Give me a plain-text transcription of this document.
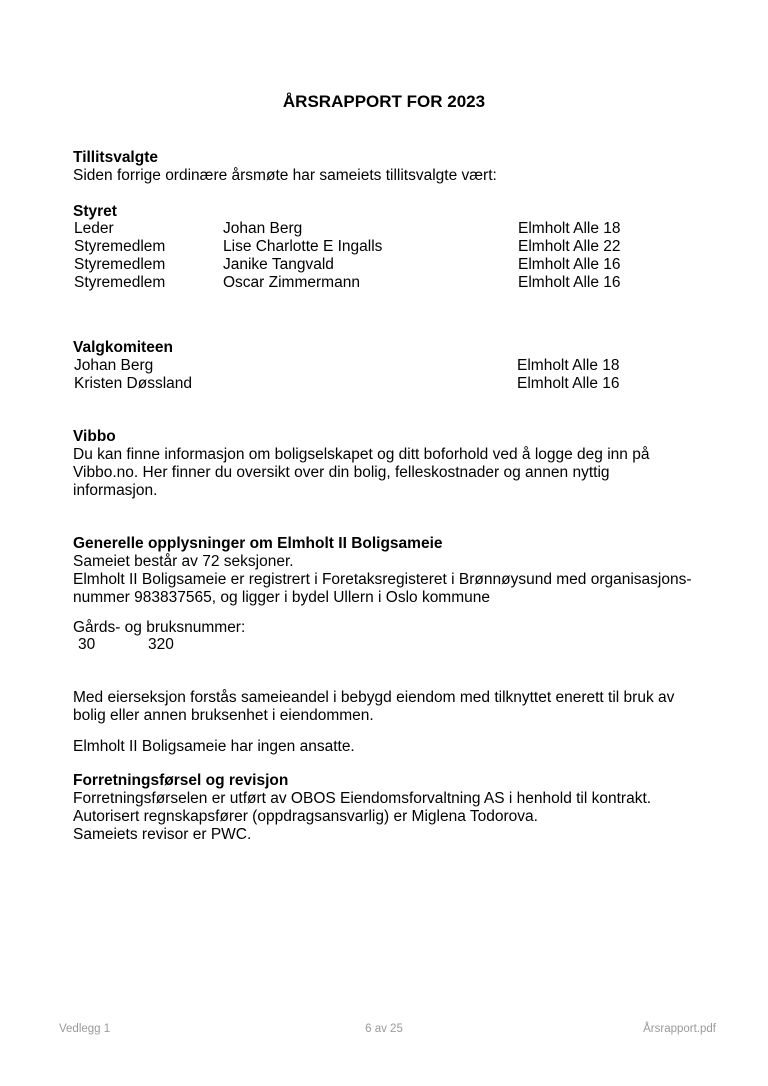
ÅRSRAPPORT FOR 2023
Tillitsvalgte
Siden forrige ordinære årsmøte har sameiets tillitsvalgte vært:
Styret
Leder	Johan Berg	Elmholt Alle 18
Styremedlem	Lise Charlotte E Ingalls	Elmholt Alle 22
Styremedlem	Janike Tangvald	Elmholt Alle 16
Styremedlem	Oscar Zimmermann	Elmholt Alle 16
Valgkomiteen
Johan Berg	Elmholt Alle 18
Kristen Døssland	Elmholt Alle 16
Vibbo
Du kan finne informasjon om boligselskapet og ditt boforhold ved å logge deg inn på
Vibbo.no. Her finner du oversikt over din bolig, felleskostnader og annen nyttig
informasjon.
Generelle opplysninger om Elmholt II Boligsameie
Sameiet består av 72 seksjoner.
Elmholt II Boligsameie er registrert i Foretaksregisteret i Brønnøysund med organisasjons-
nummer 983837565, og ligger i bydel Ullern i Oslo kommune
Gårds- og bruksnummer:
30	320
Med eierseksjon forstås sameieandel i bebygd eiendom med tilknyttet enerett til bruk av
bolig eller annen bruksenhet i eiendommen.
Elmholt II Boligsameie har ingen ansatte.
Forretningsførsel og revisjon
Forretningsførselen er utført av OBOS Eiendomsforvaltning AS i henhold til kontrakt.
Autorisert regnskapsfører (oppdragsansvarlig) er Miglena Todorova.
Sameiets revisor er PWC.
Vedlegg 1	6 av 25	Årsrapport.pdf
